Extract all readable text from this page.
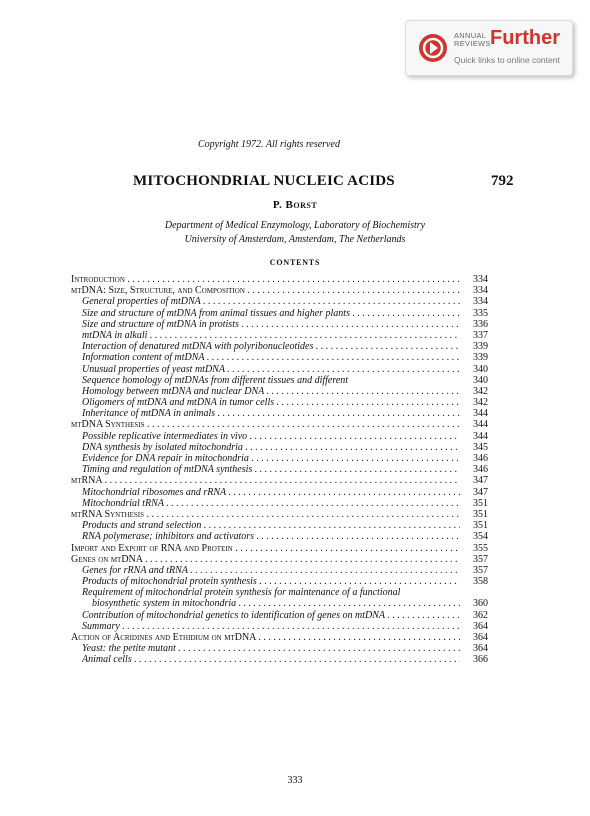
ANNUAL
REVIEWS Further
Quick links to online content
Copyright 1972. All rights reserved
MITOCHONDRIAL NUCLEIC ACIDS	792
P. Borst
Department of Medical Enzymology, Laboratory of Biochemistry
University of Amsterdam, Amsterdam, The Netherlands
CONTENTS
Introduction . . .	334
mtDNA: Size, Structure, and Composition . . .	334
General properties of mtDNA . . .	334
Size and structure of mtDNA from animal tissues and higher plants . . .	335
Size and structure of mtDNA in protists . . .	336
mtDNA in alkali . . .	337
Interaction of denatured mtDNA with polyribonucleotides . . .	339
Information content of mtDNA . . .	339
Unusual properties of yeast mtDNA . . .	340
Sequence homology of mtDNAs from different tissues and different	340
Homology between mtDNA and nuclear DNA . . .	342
Oligomers of mtDNA and mtDNA in tumor cells . . .	342
Inheritance of mtDNA in animals . . .	344
mtDNA Synthesis . . .	344
Possible replicative intermediates in vivo . . .	344
DNA synthesis by isolated mitochondria . . .	345
Evidence for DNA repair in mitochondria . . .	346
Timing and regulation of mtDNA synthesis . . .	346
mtRNA . . .	347
Mitochondrial ribosomes and rRNA . . .	347
Mitochondrial tRNA . . .	351
mtRNA Synthesis . . .	351
Products and strand selection . . .	351
RNA polymerase; inhibitors and activators . . .	354
Import and Export of RNA and Protein . . .	355
Genes on mtDNA . . .	357
Genes for rRNA and tRNA . . .	357
Products of mitochondrial protein synthesis . . .	358
Requirement of mitochondrial protein synthesis for maintenance of a functional
biosynthetic system in mitochondria . . .	360
Contribution of mitochondrial genetics to identification of genes on mtDNA . . .	362
Summary . . .	364
Action of Acridines and Ethidium on mtDNA . . .	364
Yeast: the petite mutant . . .	364
Animal cells . . .	366
333
